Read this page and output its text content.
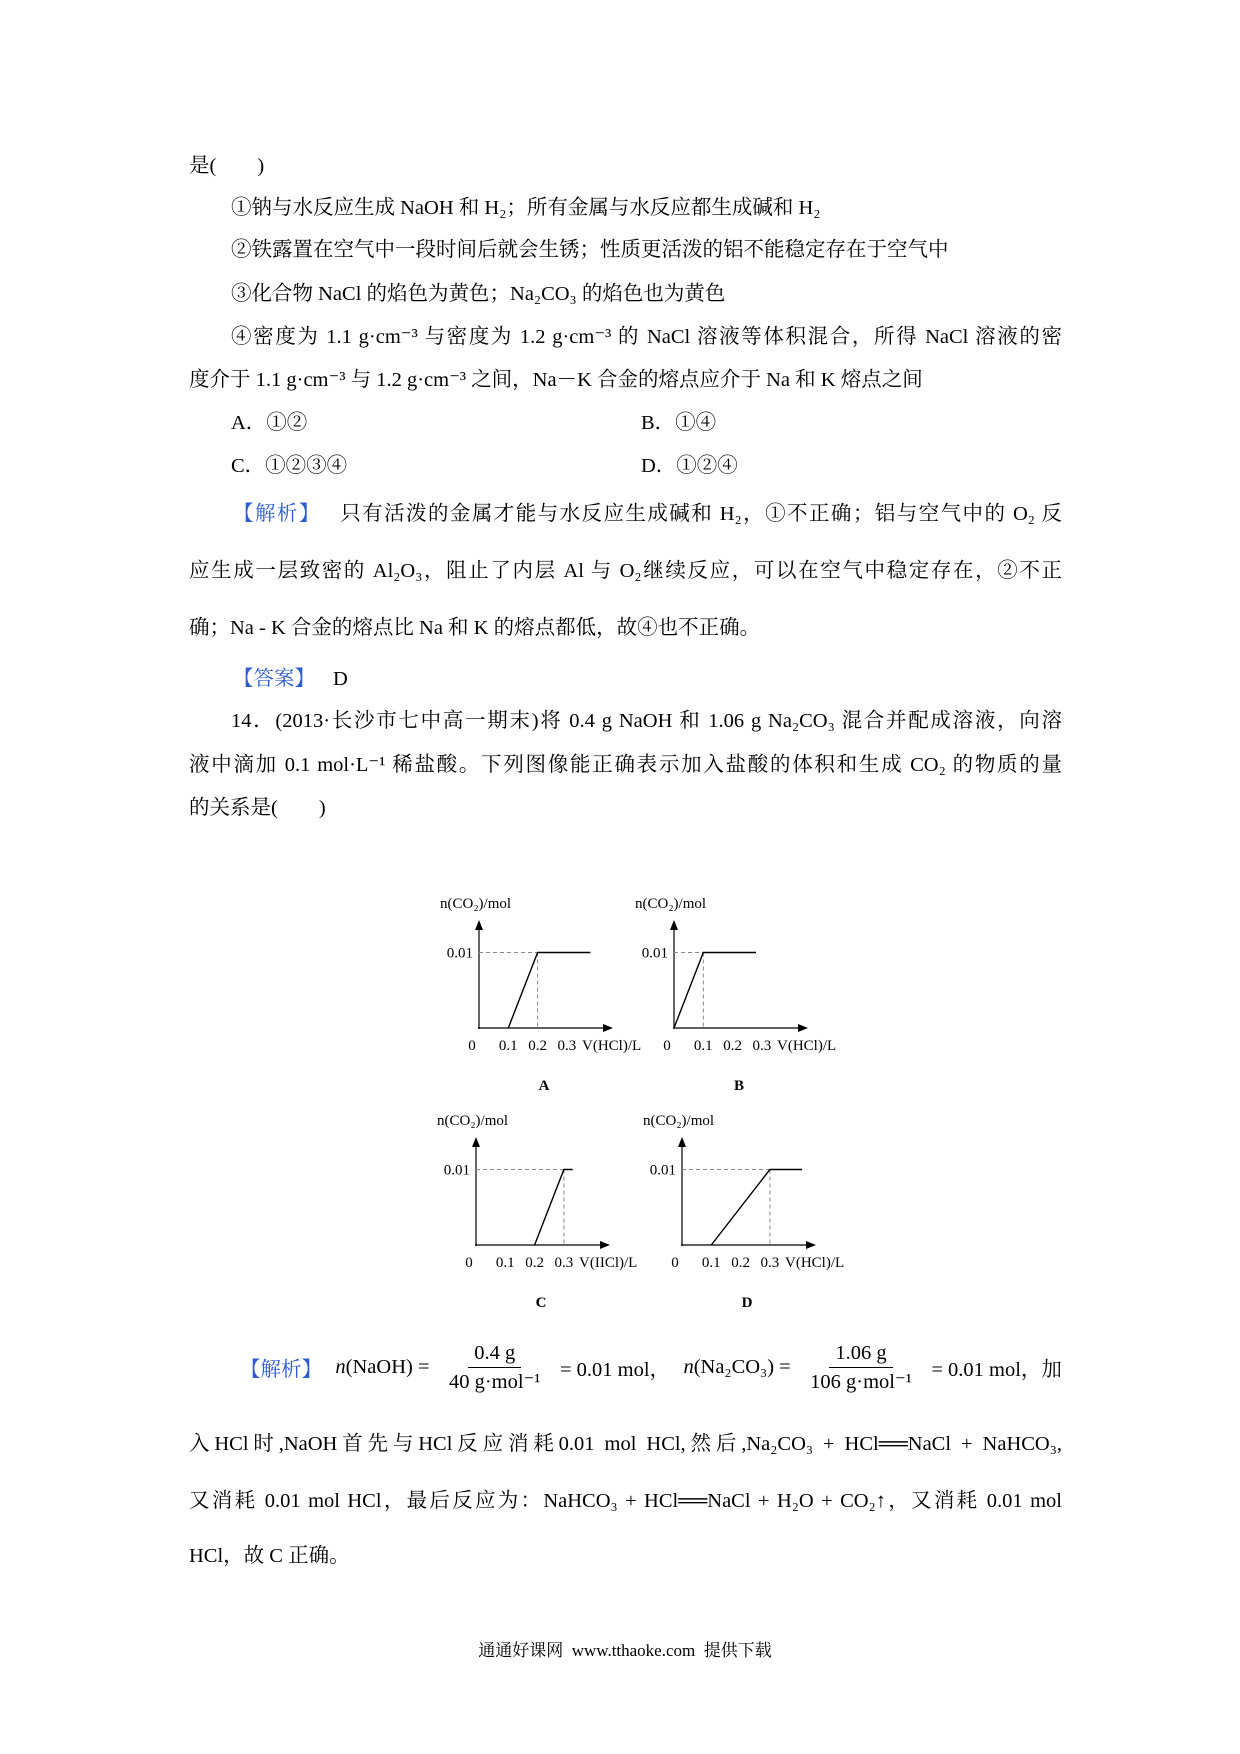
是(　　)
①钠与水反应生成 NaOH 和 H₂；所有金属与水反应都生成碱和 H₂
②铁露置在空气中一段时间后就会生锈；性质更活泼的铝不能稳定存在于空气中
③化合物 NaCl 的焰色为黄色；Na₂CO₃ 的焰色也为黄色
④密度为 1.1 g·cm⁻³ 与密度为 1.2 g·cm⁻³ 的 NaCl 溶液等体积混合，所得 NaCl 溶液的密
度介于 1.1 g·cm⁻³ 与 1.2 g·cm⁻³ 之间，Na－K 合金的熔点应介于 Na 和 K 熔点之间
A．①②	B．①④
C．①②③④	D．①②④
【解析】 只有活泼的金属才能与水反应生成碱和 H₂，①不正确；铝与空气中的 O₂ 反
应生成一层致密的 Al₂O₃，阻止了内层 Al 与 O₂继续反应，可以在空气中稳定存在，②不正
确；Na - K 合金的熔点比 Na 和 K 的熔点都低，故④也不正确。
【答案】 D
14．(2013·长沙市七中高一期末)将 0.4 g NaOH 和 1.06 g Na₂CO₃ 混合并配成溶液，向溶
液中滴加 0.1 mol·L⁻¹ 稀盐酸。下列图像能正确表示加入盐酸的体积和生成 CO₂ 的物质的量
的关系是(　　)
n(CO₂)/mol
0.01
0 0.1 0.2 0.3 V(HCl)/L
A
n(CO₂)/mol
0.01
0 0.1 0.2 0.3 V(HCl)/L
B
n(CO₂)/mol
0.01
0 0.1 0.2 0.3 V(IICl)/L
C
n(CO₂)/mol
0.01
0 0.1 0.2 0.3 V(HCl)/L
D
【解析】 n(NaOH) = $\frac{0.4 g}{\text{40 g·mol⁻¹}} = 0.01$ mol， $n(Na_2CO_3) = \frac{1.06 g}{\text{106 g·mol⁻¹}} = 0.01$ mol，加
入HCl时,NaOH首先与HCl反应消耗0.01 mol HCl,然后,Na₂CO₃ + HCl══NaCl + NaHCO₃,
又消耗 0.01 mol HCl，最后反应为：NaHCO₃ + HCl══NaCl + H₂O + CO₂↑，又消耗 0.01 mol
HCl，故 C 正确。
通通好课网  www.tthaoke.com  提供下载
